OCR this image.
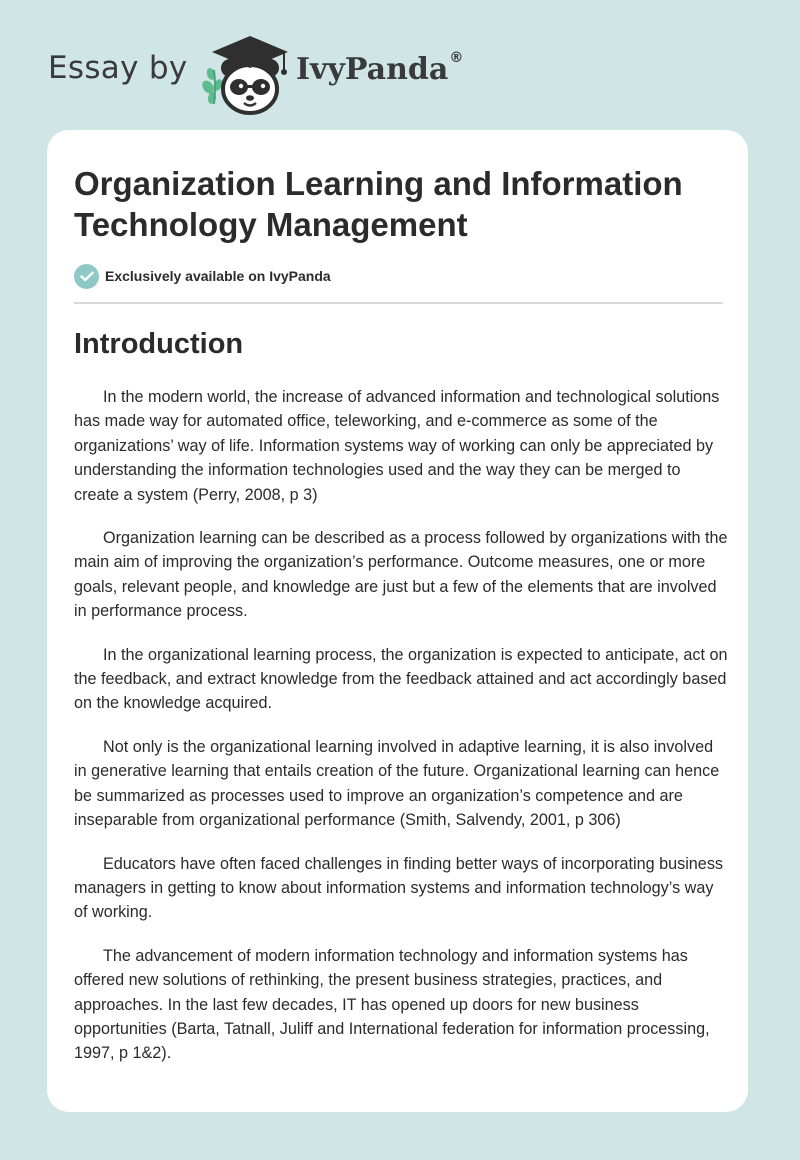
Essay by	IvyPanda®
Organization Learning and Information Technology Management
Exclusively available on IvyPanda
Introduction

In the modern world, the increase of advanced information and technological solutions has made way for automated office, teleworking, and e-commerce as some of the organizations’ way of life. Information systems way of working can only be appreciated by understanding the information technologies used and the way they can be merged to create a system (Perry, 2008, p 3)

Organization learning can be described as a process followed by organizations with the main aim of improving the organization’s performance. Outcome measures, one or more goals, relevant people, and knowledge are just but a few of the elements that are involved in performance process.

In the organizational learning process, the organization is expected to anticipate, act on the feedback, and extract knowledge from the feedback attained and act accordingly based on the knowledge acquired.

Not only is the organizational learning involved in adaptive learning, it is also involved in generative learning that entails creation of the future. Organizational learning can hence be summarized as processes used to improve an organization’s competence and are inseparable from organizational performance (Smith, Salvendy, 2001, p 306)

Educators have often faced challenges in finding better ways of incorporating business managers in getting to know about information systems and information technology’s way of working.

The advancement of modern information technology and information systems has offered new solutions of rethinking, the present business strategies, practices, and approaches. In the last few decades, IT has opened up doors for new business opportunities (Barta, Tatnall, Juliff and International federation for information processing, 1997, p 1&2).
